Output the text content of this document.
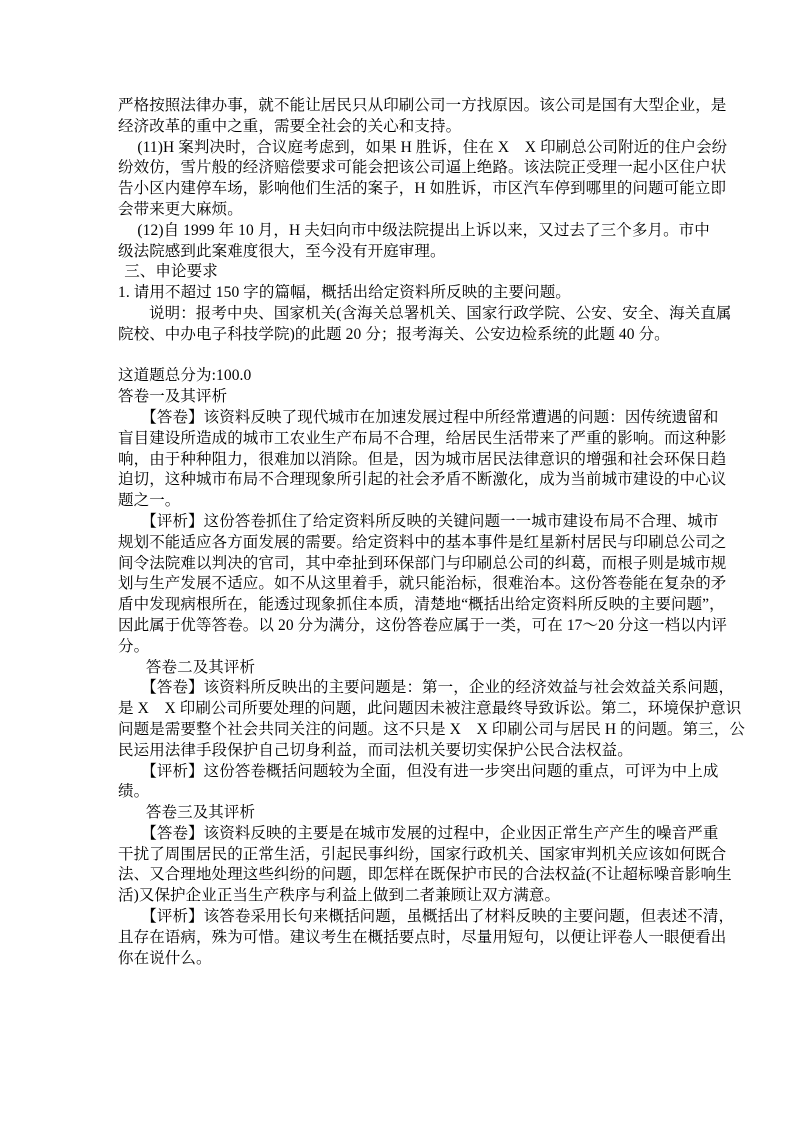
严格按照法律办事，就不能让居民只从印刷公司一方找原因。该公司是国有大型企业，是
经济改革的重中之重，需要全社会的关心和支持。
(11)H 案判决时，合议庭考虑到，如果 H 胜诉，住在 X　X 印刷总公司附近的住户会纷
纷效仿，雪片般的经济赔偿要求可能会把该公司逼上绝路。该法院正受理一起小区住户状
告小区内建停车场，影响他们生活的案子，H 如胜诉，市区汽车停到哪里的问题可能立即
会带来更大麻烦。
(12)自 1999 年 10 月，H 夫妇向市中级法院提出上诉以来，又过去了三个多月。市中
级法院感到此案难度很大，至今没有开庭审理。
三、申论要求
1. 请用不超过 150 字的篇幅，概括出给定资料所反映的主要问题。
说明：报考中央、国家机关(含海关总署机关、国家行政学院、公安、安全、海关直属
院校、中办电子科技学院)的此题 20 分；报考海关、公安边检系统的此题 40 分。

这道题总分为:100.0
答卷一及其评析
【答卷】该资料反映了现代城市在加速发展过程中所经常遭遇的问题：因传统遗留和
盲目建设所造成的城市工农业生产布局不合理，给居民生活带来了严重的影响。而这种影
响，由于种种阻力，很难加以消除。但是，因为城市居民法律意识的增强和社会环保日趋
迫切，这种城市布局不合理现象所引起的社会矛盾不断激化，成为当前城市建设的中心议
题之一。
【评析】这份答卷抓住了给定资料所反映的关键问题一一城市建设布局不合理、城市
规划不能适应各方面发展的需要。给定资料中的基本事件是红星新村居民与印刷总公司之
间令法院难以判决的官司，其中牵扯到环保部门与印刷总公司的纠葛，而根子则是城市规
划与生产发展不适应。如不从这里着手，就只能治标，很难治本。这份答卷能在复杂的矛
盾中发现病根所在，能透过现象抓住本质，清楚地“概括出给定资料所反映的主要问题”，
因此属于优等答卷。以 20 分为满分，这份答卷应属于一类，可在 17～20 分这一档以内评
分。
答卷二及其评析
【答卷】该资料所反映出的主要问题是：第一，企业的经济效益与社会效益关系问题，
是 X　X 印刷公司所要处理的问题，此问题因未被注意最终导致诉讼。第二，环境保护意识
问题是需要整个社会共同关注的问题。这不只是 X　X 印刷公司与居民 H 的问题。第三，公
民运用法律手段保护自己切身利益，而司法机关要切实保护公民合法权益。
【评析】这份答卷概括问题较为全面，但没有进一步突出问题的重点，可评为中上成
绩。
答卷三及其评析
【答卷】该资料反映的主要是在城市发展的过程中，企业因正常生产产生的噪音严重
干扰了周围居民的正常生活，引起民事纠纷，国家行政机关、国家审判机关应该如何既合
法、又合理地处理这些纠纷的问题，即怎样在既保护市民的合法权益(不让超标噪音影响生
活)又保护企业正当生产秩序与利益上做到二者兼顾让双方满意。
【评析】该答卷采用长句来概括问题，虽概括出了材料反映的主要问题，但表述不清，
且存在语病，殊为可惜。建议考生在概括要点时，尽量用短句，以便让评卷人一眼便看出
你在说什么。
